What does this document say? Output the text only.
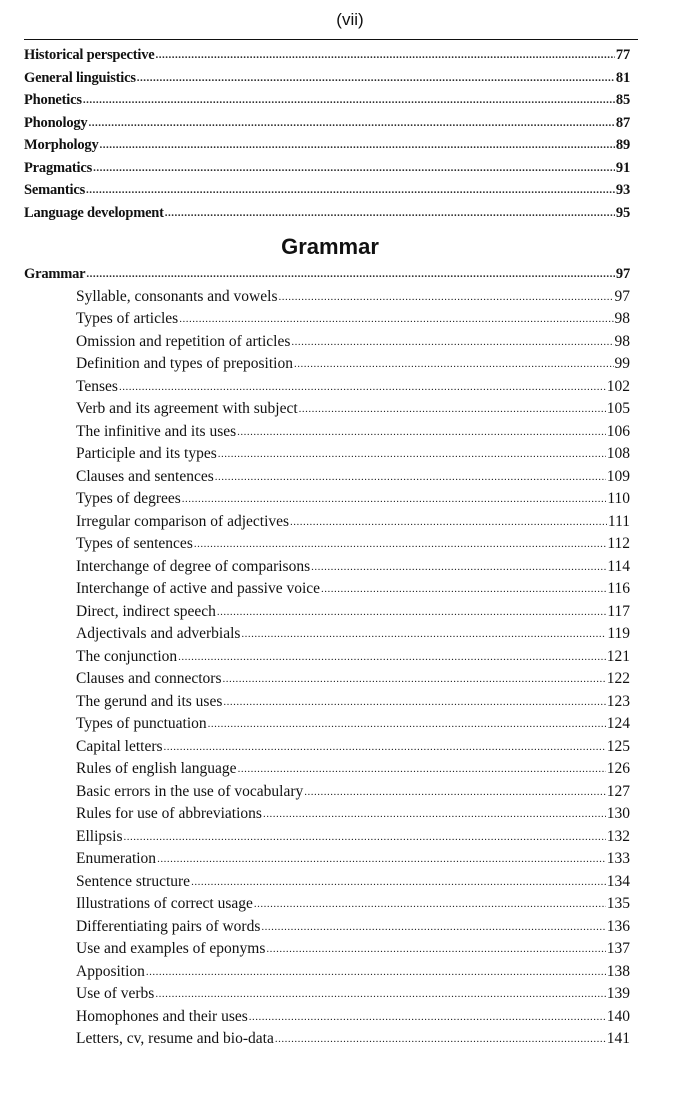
(vii)
Historical perspective .....	77
General linguistics .....	81
Phonetics .....	85
Phonology .....	87
Morphology .....	89
Pragmatics .....	91
Semantics .....	93
Language development .....	95
Grammar
Grammar .....	97
Syllable, consonants and vowels .....	97
Types of articles .....	98
Omission and repetition of articles .....	98
Definition and types of preposition .....	99
Tenses .....	102
Verb and its agreement with subject .....	105
The infinitive and its uses .....	106
Participle and its types .....	108
Clauses and sentences .....	109
Types of degrees .....	110
Irregular comparison of adjectives .....	111
Types of sentences .....	112
Interchange of degree of comparisons .....	114
Interchange of active and passive voice .....	116
Direct, indirect speech .....	117
Adjectivals and adverbials .....	119
The conjunction .....	121
Clauses and connectors .....	122
The gerund and its uses .....	123
Types of punctuation .....	124
Capital letters .....	125
Rules of english language .....	126
Basic errors in the use of vocabulary .....	127
Rules for use of abbreviations .....	130
Ellipsis .....	132
Enumeration .....	133
Sentence structure .....	134
Illustrations of correct usage .....	135
Differentiating pairs of words .....	136
Use and examples of eponyms .....	137
Apposition .....	138
Use of verbs .....	139
Homophones and their uses .....	140
Letters, cv, resume and bio-data .....	141
